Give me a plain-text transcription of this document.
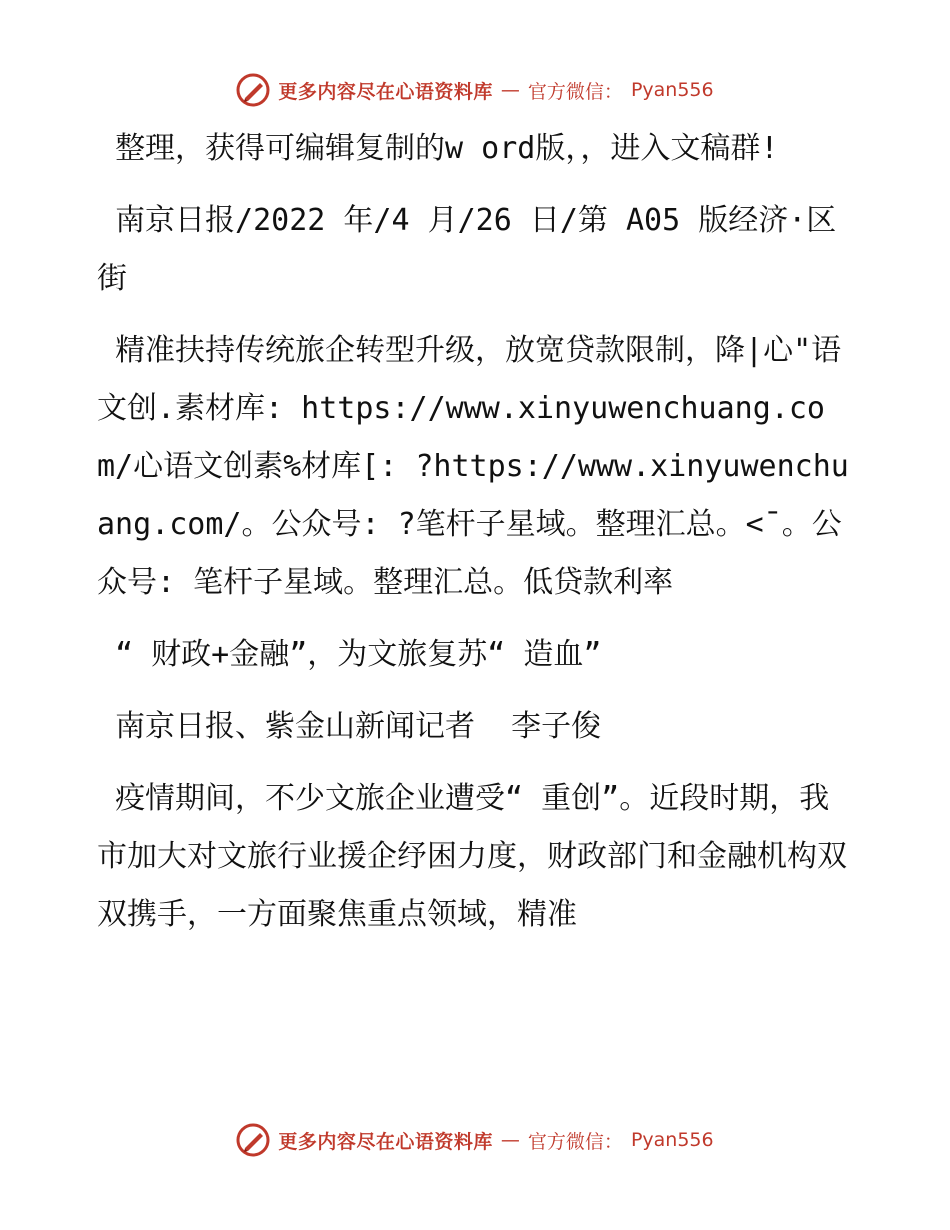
更多内容尽在心语资料库 — 官方微信： Pyan556

整理，获得可编辑复制的w ord版，，进入文稿群!

南京日报/2022 年/4 月/26 日/第 A05 版经济·区街

精准扶持传统旅企转型升级，放宽贷款限制，降|心"语文创.素材库: https://www.xinyuwenchuang.com/心语文创素%材库[: ?https://www.xinyuwenchuang.com/。公众号: ?笔杆子星域。整理汇总。<¯。公众号: 笔杆子星域。整理汇总。低贷款利率

“ 财政+金融”，为文旅复苏“ 造血”

南京日报、紫金山新闻记者  李子俊

疫情期间，不少文旅企业遭受“ 重创”。近段时期，我市加大对文旅行业援企纾困力度，财政部门和金融机构双双携手，一方面聚焦重点领域，精准

更多内容尽在心语资料库 — 官方微信： Pyan556
